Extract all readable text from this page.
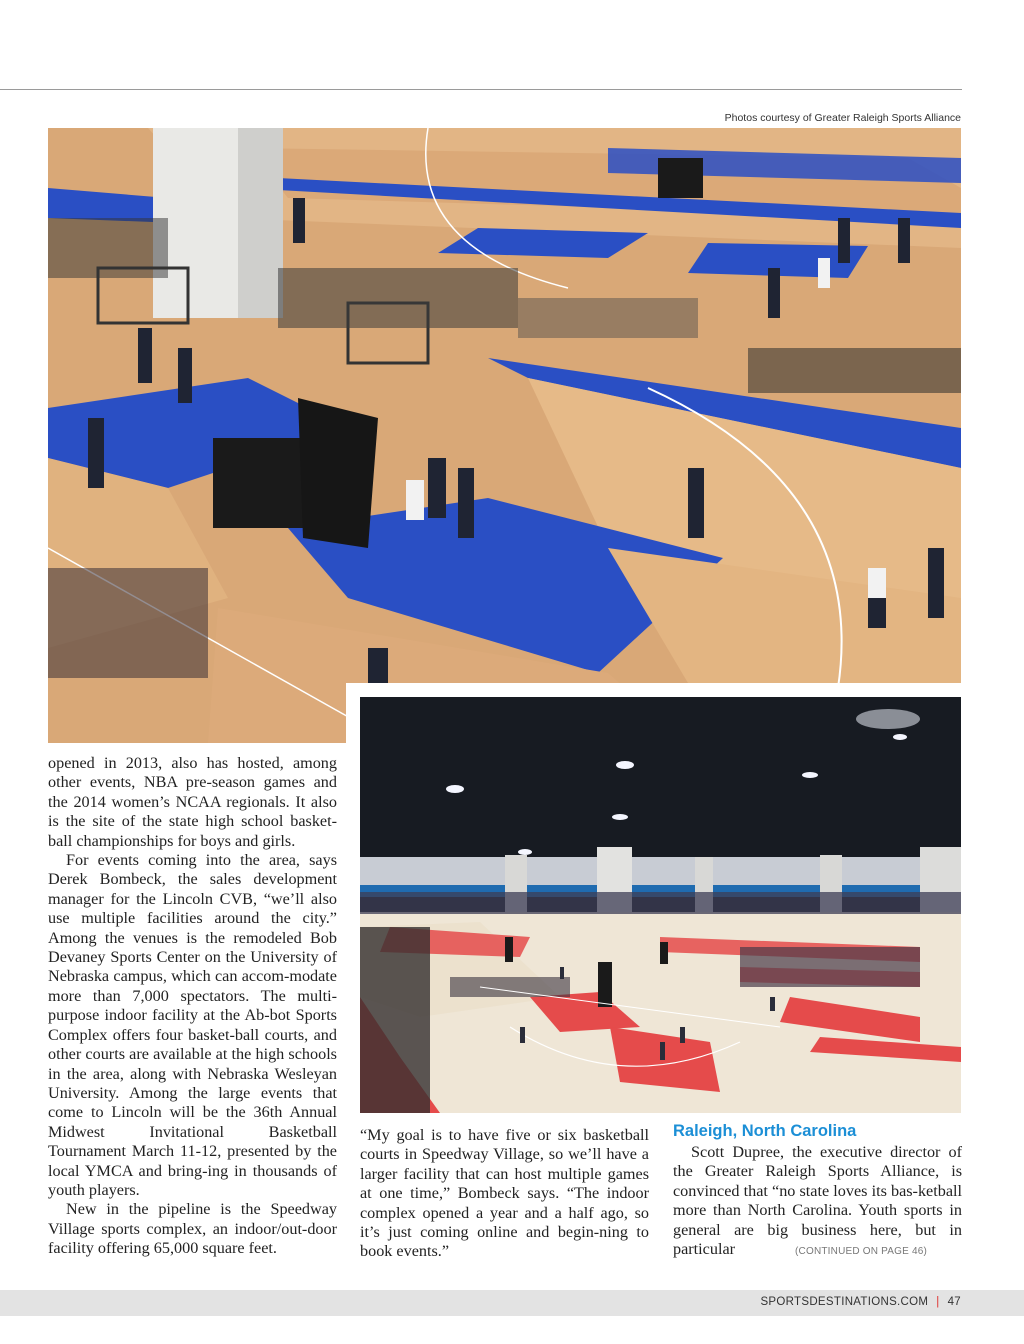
Photos courtesy of Greater Raleigh Sports Alliance

opened in 2013, also has hosted, among other events, NBA pre-season games and the 2014 women’s NCAA regionals. It also is the site of the state high school basket-ball championships for boys and girls.

For events coming into the area, says Derek Bombeck, the sales development manager for the Lincoln CVB, “we’ll also use multiple facilities around the city.” Among the venues is the remodeled Bob Devaney Sports Center on the University of Nebraska campus, which can accom-modate more than 7,000 spectators. The multi-purpose indoor facility at the Ab-bot Sports Complex offers four basket-ball courts, and other courts are available at the high schools in the area, along with Nebraska Wesleyan University. Among the large events that come to Lincoln will be the 36th Annual Midwest Invitational Basketball Tournament March 11-12, presented by the local YMCA and bring-ing in thousands of youth players.

New in the pipeline is the Speedway Village sports complex, an indoor/out-door facility offering 65,000 square feet.

“My goal is to have five or six basketball courts in Speedway Village, so we’ll have a larger facility that can host multiple games at one time,” Bombeck says. “The indoor complex opened a year and a half ago, so it’s just coming online and begin-ning to book events.”

Raleigh, North Carolina

Scott Dupree, the executive director of the Greater Raleigh Sports Alliance, is convinced that “no state loves its bas-ketball more than North Carolina. Youth sports in general are big business here, but in particular	(CONTINUED ON PAGE 46)

SPORTSDESTINATIONS.COM | 47
